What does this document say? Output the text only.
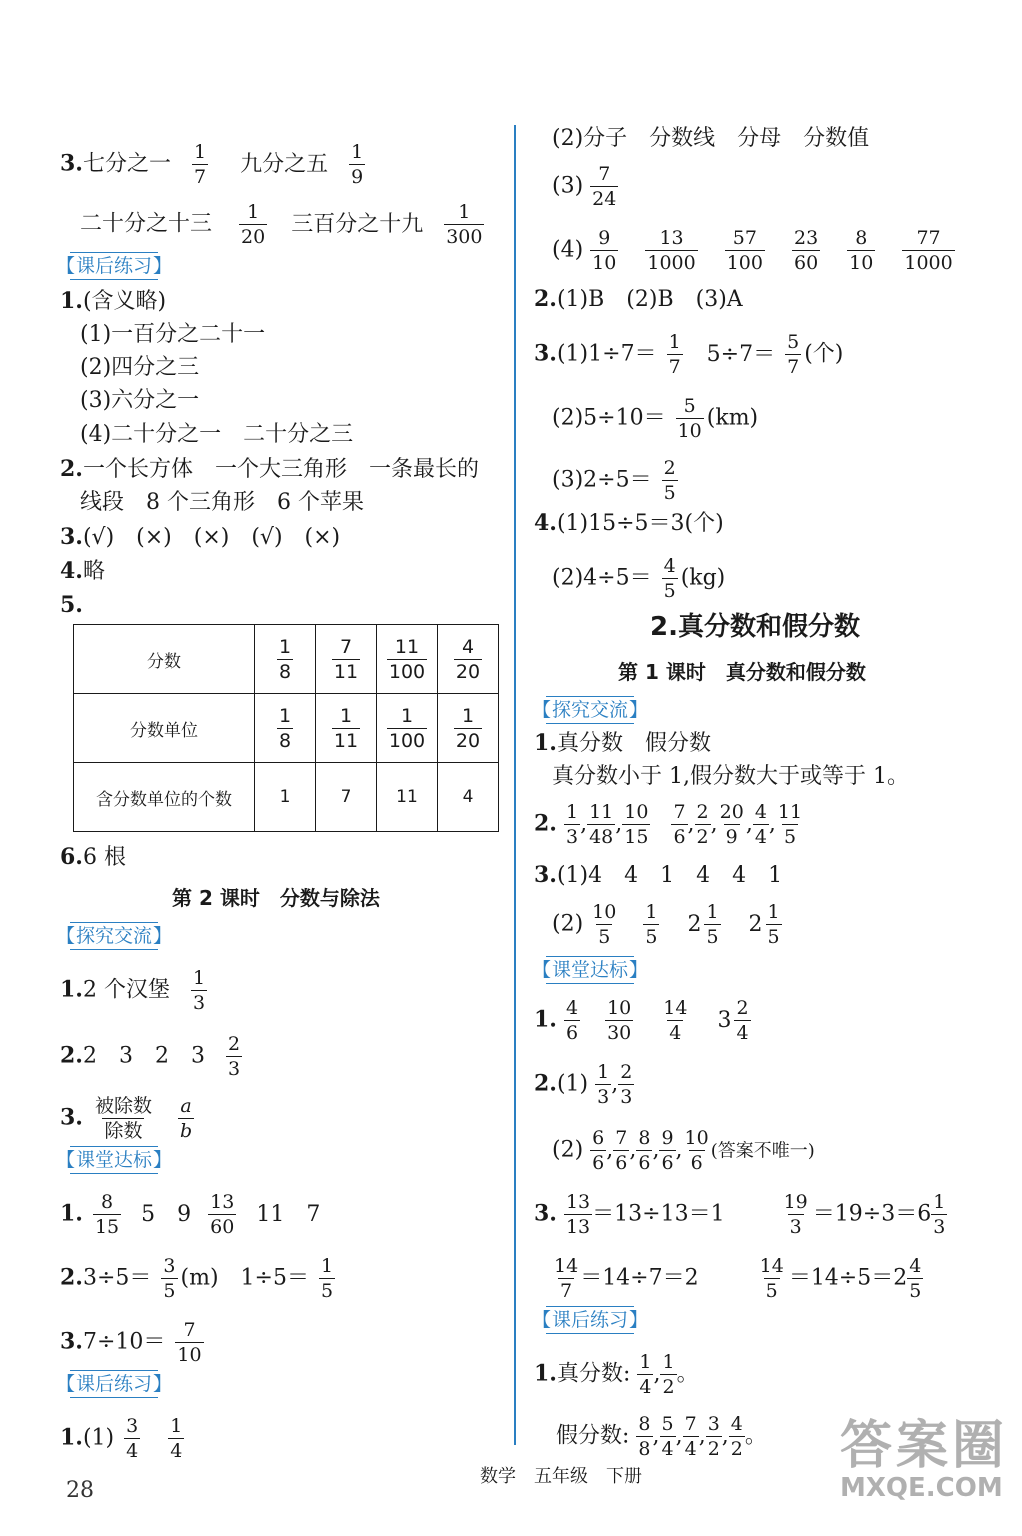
3.七分之一 $\frac{1}{7}$ 九分之五 $\frac{1}{9}$
二十分之十三 $\frac{1}{20}$ 三百分之十九 $\frac{1}{300}$
【 课后练习 】
1.(含义略)
(1)一百分之二十一
(2)四分之三
(3)六分之一
(4)二十分之一　二十分之三
2.一个长方体　一个大三角形　一条最长的
线段　8 个三角形　6 个苹果
3.(√)　(×)　(×)　(√)　(×)
4.略
5.
分数	$\frac{1}{8}$	$\frac{7}{11}$	$\frac{11}{100}$	$\frac{4}{20}$

分数单位	$\frac{1}{8}$	$\frac{1}{11}$	$\frac{1}{100}$	$\frac{1}{20}$

含分数单位的个数	1	7	11	4
6.6 根
第 2 课时　分数与除法
【 探究交流 】
1.2 个汉堡 $\frac{1}{3}$
2.2　3　2　$3 \frac{2}{3}$
3. 被除数
除数
$\frac{a}{b}$
【 课堂达标 】
1. $\frac{8}{15} 5$　$9 \frac{13}{60} 11$　7
$2.3\div 5= \frac{3}{5} (m)$　$1\div 5= \frac{1}{5}$
$3.7\div 10= \frac{7}{10}$
【 课后练习 】
$1.(1) \frac{3}{4}$
$\frac{1}{4}$
(2)分子　分数线　分母　分数值
$(3) \frac{7}{24}$
$(4) \frac{9}{10}$
$\frac{13}{1000}$
$\frac{57}{100}$
$\frac{23}{60}$
$\frac{8}{10}$
$\frac{77}{1000}$
2.(1)B　(2)B　(3)A
$3.(1)1\div 7= \frac{1}{7} 5\div 7= \frac{5}{7}$ (个)
$(2)5\div 10= \frac{5}{10} (km)$
$(3)2\div 5= \frac{2}{5}$
4.(1)15÷5＝3(个)
$(2)4\div 5= \frac{4}{5} (kg)$
2.真分数和假分数
第 1 课时　真分数和假分数
【 探究交流 】
1.真分数　假分数
真分数小于 1,假分数大于或等于 1。
2. $\frac{1}{3}$ , $\frac{11}{48}$ , $\frac{10}{15}$
$\frac{7}{6}$ , $\frac{2}{2}$ , $\frac{20}{9}$ , $\frac{4}{4}$ , $\frac{11}{5}$
3.(1)4　4　1　4　4　1
$(2) \frac{10}{5}$
$\frac{1}{5} 2 \frac{1}{5} 2 \frac{1}{5}$
【 课堂达标 】
1. $\frac{4}{6}$
$\frac{10}{30}$
$\frac{14}{4} 3 \frac{2}{4}$
$2.(1) \frac{1}{3}$ , $\frac{2}{3}$
$(2) \frac{6}{6}$ , $\frac{7}{6}$ , $\frac{8}{6}$ , $\frac{9}{6}$ , $\frac{10}{6}$ (答案不唯一)
3. $\frac{13}{13} =13\div 13=1$	$\frac{19}{3} =19\div 3=6 \frac{1}{3}$
$\frac{14}{7} =14\div 7=2$	$\frac{14}{5} =14\div 5=2 \frac{4}{5}$
【 课后练习 】
1.真分数: $\frac{1}{4}$ , $\frac{1}{2}$ 。
假分数: $\frac{8}{8}$ , $\frac{5}{4}$ , $\frac{7}{4}$ , $\frac{3}{2}$ , $\frac{4}{2}$ 。
数学　五年级　下册
28
答案圈
MXQE.COM
